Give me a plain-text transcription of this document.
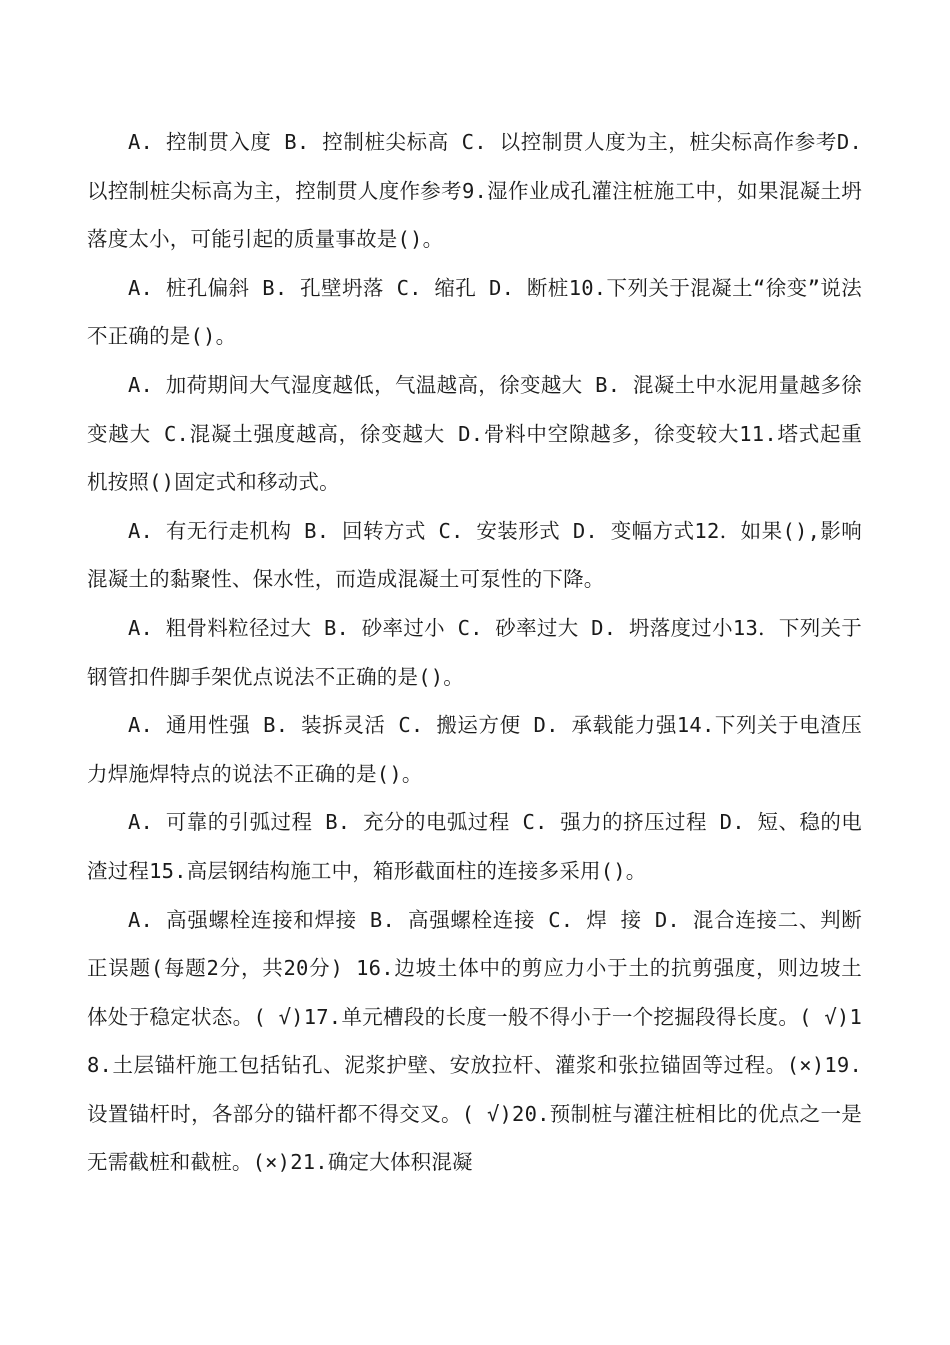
A. 控制贯入度 B. 控制桩尖标高 C. 以控制贯人度为主，桩尖标高作参考D. 以控制桩尖标高为主，控制贯人度作参考9.湿作业成孔灌注桩施工中，如果混凝土坍落度太小，可能引起的质量事故是()。

A. 桩孔偏斜 B. 孔壁坍落 C. 缩孔 D. 断桩10.下列关于混凝土“徐变”说法不正确的是()。

A. 加荷期间大气湿度越低，气温越高，徐变越大 B. 混凝土中水泥用量越多徐变越大 C.混凝土强度越高，徐变越大 D.骨料中空隙越多，徐变较大11.塔式起重机按照()固定式和移动式。

A. 有无行走机构 B. 回转方式 C. 安装形式 D. 变幅方式12．如果(),影响混凝土的黏聚性、保水性，而造成混凝土可泵性的下降。

A. 粗骨料粒径过大 B. 砂率过小 C. 砂率过大 D. 坍落度过小13．下列关于钢管扣件脚手架优点说法不正确的是()。

A. 通用性强 B. 装拆灵活 C. 搬运方便 D. 承载能力强14.下列关于电渣压力焊施焊特点的说法不正确的是()。

A. 可靠的引弧过程 B. 充分的电弧过程 C. 强力的挤压过程 D. 短、稳的电渣过程15.高层钢结构施工中，箱形截面柱的连接多采用()。

A. 高强螺栓连接和焊接 B. 高强螺栓连接 C. 焊 接 D. 混合连接二、判断正误题(每题2分，共20分) 16.边坡土体中的剪应力小于土的抗剪强度，则边坡土体处于稳定状态。( √)17.单元槽段的长度一般不得小于一个挖掘段得长度。( √)18.土层锚杆施工包括钻孔、泥浆护壁、安放拉杆、灌浆和张拉锚固等过程。(×)19.设置锚杆时，各部分的锚杆都不得交叉。( √)20.预制桩与灌注桩相比的优点之一是无需截桩和截桩。(×)21.确定大体积混凝
